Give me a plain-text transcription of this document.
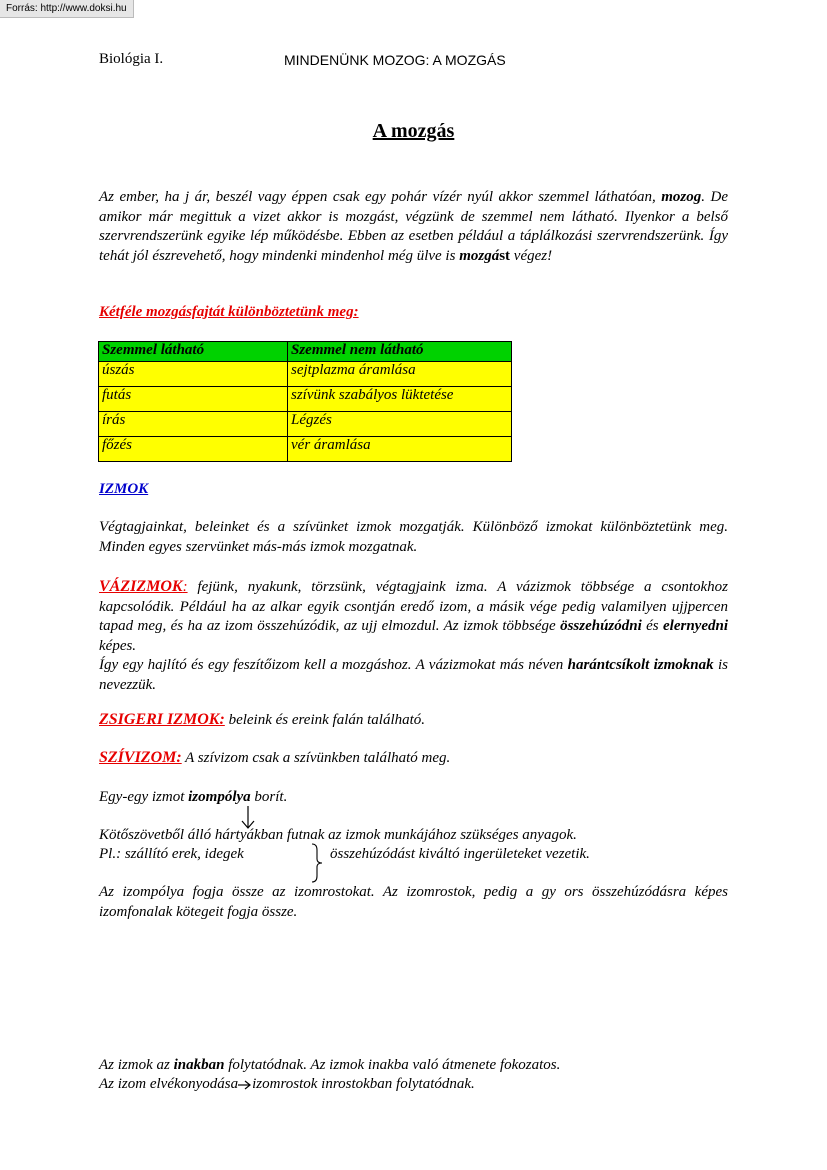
Forrás: http://www.doksi.hu
Biológia I.	MINDENÜNK MOZOG: A MOZGÁS
A mozgás
Az ember, ha j ár, beszél vagy éppen csak egy pohár vízér nyúl akkor szemmel láthatóan, mozog. De amikor már megittuk a vizet akkor is mozgást, végzünk de szemmel nem látható. Ilyenkor a belső szervrendszerünk egyike lép működésbe. Ebben az esetben például a táplálkozási szervrendszerünk. Így tehát jól észrevehető, hogy mindenki mindenhol még ülve is mozgást végez!
Kétféle mozgásfajtát különböztetünk meg:
Szemmel látható	Szemmel nem látható
úszás	sejtplazma áramlása
futás	szívünk szabályos lüktetése
írás	Légzés
főzés	vér áramlása
IZMOK
Végtagjainkat, beleinket és a szívünket izmok mozgatják. Különböző izmokat különböztetünk meg. Minden egyes szervünket más-más izmok mozgatnak.
VÁZIZMOK: fejünk, nyakunk, törzsünk, végtagjaink izma. A vázizmok többsége a csontokhoz kapcsolódik. Például ha az alkar egyik csontján eredő izom, a másik vége pedig valamilyen ujjpercen tapad meg, és ha az izom összehúzódik, az ujj elmozdul. Az izmok többsége összehúzódni és elernyedni képes.
Így egy hajlító és egy feszítőizom kell a mozgáshoz. A vázizmokat más néven harántcsíkolt izmoknak is nevezzük.
ZSIGERI IZMOK: beleink és ereink falán található.
SZÍVIZOM: A szívizom csak a szívünkben található meg.
Egy-egy izmot izompólya borít.
Kötőszövetből álló hártyákban futnak az izmok munkájához szükséges anyagok.
Pl.: szállító erek, idegek	összehúzódást kiváltó ingerületeket vezetik.
Az izompólya fogja össze az izomrostokat. Az izomrostok, pedig a gy ors összehúzódásra képes izomfonalak kötegeit fogja össze.
Az izmok az inakban folytatódnak. Az izmok inakba való átmenete fokozatos.
Az izom elvékonyodása izomrostok inrostokban folytatódnak.
